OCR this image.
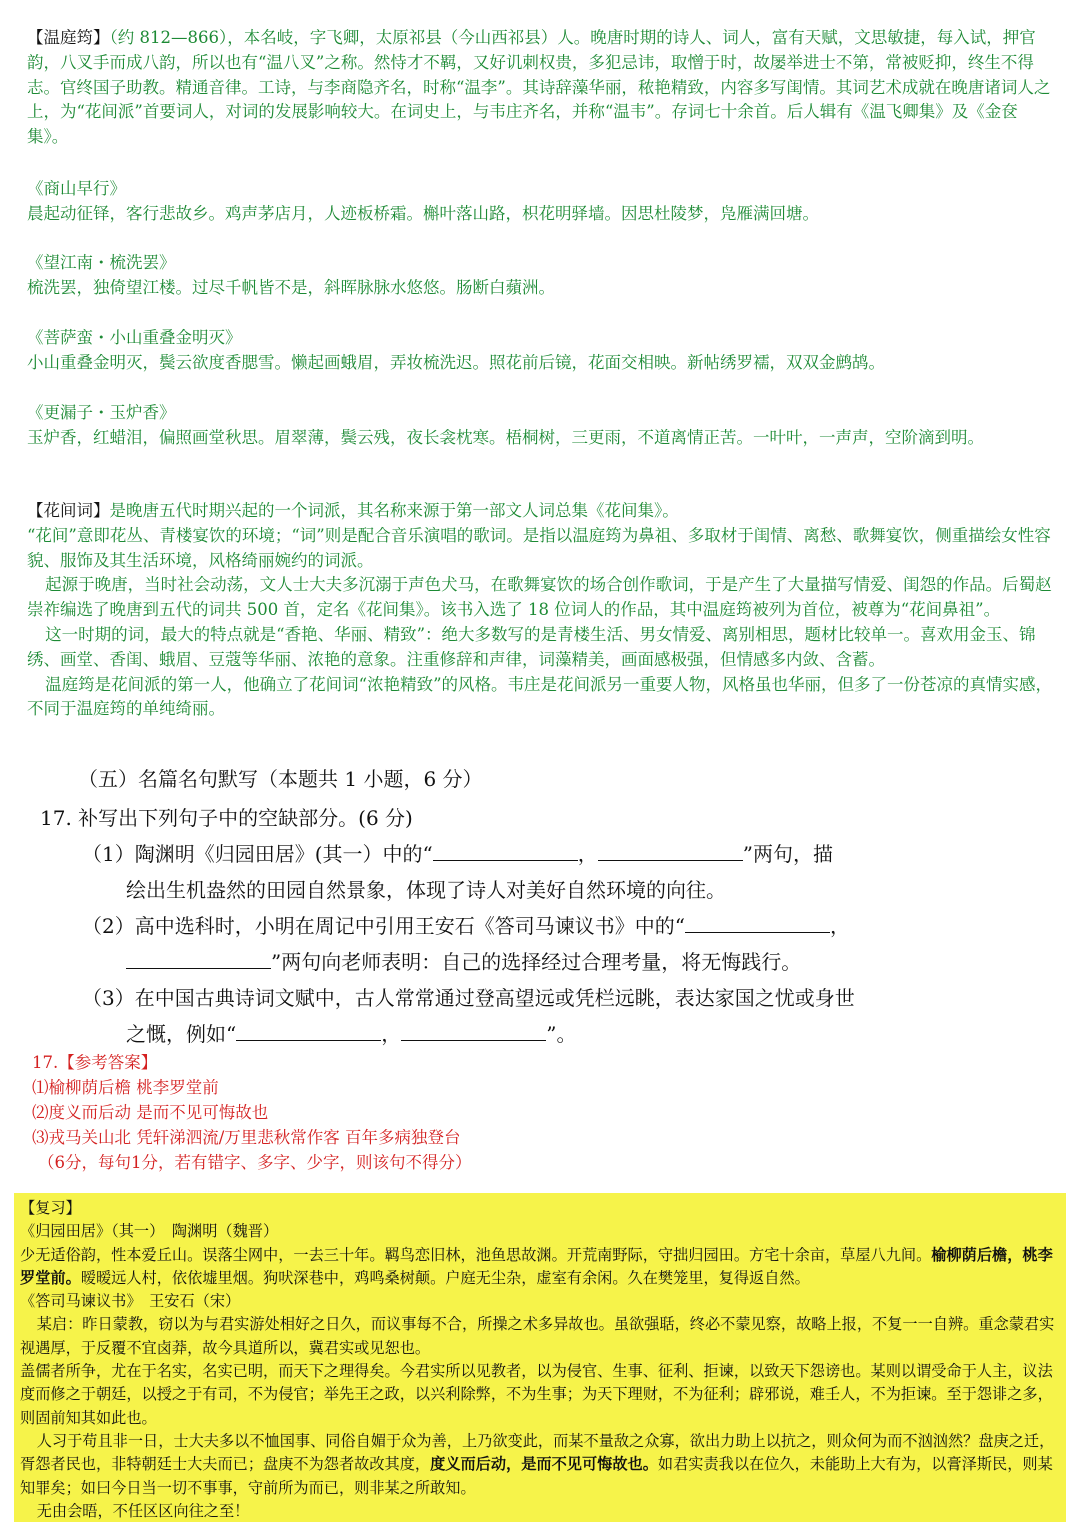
【温庭筠】（约 812—866），本名岐，字飞卿，太原祁县（今山西祁县）人。晚唐时期的诗人、词人，富有天赋，文思敏捷，每入试，押官韵，八叉手而成八韵，所以也有“温八叉”之称。然恃才不羁，又好讥刺权贵，多犯忌讳，取憎于时，故屡举进士不第，常被贬抑，终生不得志。官终国子助教。精通音律。工诗，与李商隐齐名，时称“温李”。其诗辞藻华丽，秾艳精致，内容多写闺情。其词艺术成就在晚唐诸词人之上，为“花间派”首要词人，对词的发展影响较大。在词史上，与韦庄齐名，并称“温韦”。存词七十余首。后人辑有《温飞卿集》及《金奁集》。

《商山早行》

晨起动征铎，客行悲故乡。鸡声茅店月，人迹板桥霜。槲叶落山路，枳花明驿墙。因思杜陵梦，凫雁满回塘。

《望江南・梳洗罢》

梳洗罢，独倚望江楼。过尽千帆皆不是，斜晖脉脉水悠悠。肠断白蘋洲。

《菩萨蛮・小山重叠金明灭》

小山重叠金明灭，鬓云欲度香腮雪。懒起画蛾眉，弄妆梳洗迟。照花前后镜，花面交相映。新帖绣罗襦，双双金鹧鸪。

《更漏子・玉炉香》

玉炉香，红蜡泪，偏照画堂秋思。眉翠薄，鬓云残，夜长衾枕寒。梧桐树，三更雨，不道离情正苦。一叶叶，一声声，空阶滴到明。

【花间词】是晚唐五代时期兴起的一个词派，其名称来源于第一部文人词总集《花间集》。

“花间”意即花丛、青楼宴饮的环境；“词”则是配合音乐演唱的歌词。是指以温庭筠为鼻祖、多取材于闺情、离愁、歌舞宴饮，侧重描绘女性容貌、服饰及其生活环境，风格绮丽婉约的词派。

起源于晚唐，当时社会动荡，文人士大夫多沉溺于声色犬马，在歌舞宴饮的场合创作歌词，于是产生了大量描写情爱、闺怨的作品。后蜀赵崇祚编选了晚唐到五代的词共 500 首，定名《花间集》。该书入选了 18 位词人的作品，其中温庭筠被列为首位，被尊为“花间鼻祖”。

这一时期的词，最大的特点就是“香艳、华丽、精致”：绝大多数写的是青楼生活、男女情爱、离别相思，题材比较单一。喜欢用金玉、锦绣、画堂、香闺、蛾眉、豆蔻等华丽、浓艳的意象。注重修辞和声律，词藻精美，画面感极强，但情感多内敛、含蓄。

温庭筠是花间派的第一人，他确立了花间词“浓艳精致”的风格。韦庄是花间派另一重要人物，风格虽也华丽，但多了一份苍凉的真情实感，不同于温庭筠的单纯绮丽。

（五）名篇名句默写（本题共 1 小题，6 分）

17. 补写出下列句子中的空缺部分。(6 分)

（1）陶渊明《归园田居》(其一）中的“	，	”两句，描

绘出生机盎然的田园自然景象，体现了诗人对美好自然环境的向往。

（2）高中选科时，小明在周记中引用王安石《答司马谏议书》中的“	，

”两句向老师表明：自己的选择经过合理考量，将无悔践行。

（3）在中国古典诗词文赋中，古人常常通过登高望远或凭栏远眺，表达家国之忧或身世

之慨，例如“	，	”。

17.【参考答案】

⑴榆柳荫后檐 桃李罗堂前

⑵度义而后动 是而不见可悔故也

⑶戎马关山北 凭轩涕泗流/万里悲秋常作客 百年多病独登台

（6分，每句1分，若有错字、多字、少字，则该句不得分）

【复习】

《归园田居》（其一）　陶渊明（魏晋）

少无适俗韵，性本爱丘山。误落尘网中，一去三十年。羁鸟恋旧林，池鱼思故渊。开荒南野际，守拙归园田。方宅十余亩，草屋八九间。榆柳荫后檐，桃李罗堂前。暧暧远人村，依依墟里烟。狗吠深巷中，鸡鸣桑树颠。户庭无尘杂，虚室有余闲。久在樊笼里，复得返自然。

《答司马谏议书》　王安石（宋）

某启：昨日蒙教，窃以为与君实游处相好之日久，而议事每不合，所操之术多异故也。虽欲强聒，终必不蒙见察，故略上报，不复一一自辨。重念蒙君实视遇厚，于反覆不宜卤莽，故今具道所以，冀君实或见恕也。

盖儒者所争，尤在于名实，名实已明，而天下之理得矣。今君实所以见教者，以为侵官、生事、征利、拒谏，以致天下怨谤也。某则以谓受命于人主，议法度而修之于朝廷，以授之于有司，不为侵官；举先王之政，以兴利除弊，不为生事；为天下理财，不为征利；辟邪说，难壬人，不为拒谏。至于怨诽之多，则固前知其如此也。

人习于苟且非一日，士大夫多以不恤国事、同俗自媚于众为善，上乃欲变此，而某不量敌之众寡，欲出力助上以抗之，则众何为而不汹汹然？盘庚之迁，胥怨者民也，非特朝廷士大夫而已；盘庚不为怨者故改其度，度义而后动，是而不见可悔故也。如君实责我以在位久，未能助上大有为，以膏泽斯民，则某知罪矣；如曰今日当一切不事事，守前所为而已，则非某之所敢知。

无由会晤，不任区区向往之至！
